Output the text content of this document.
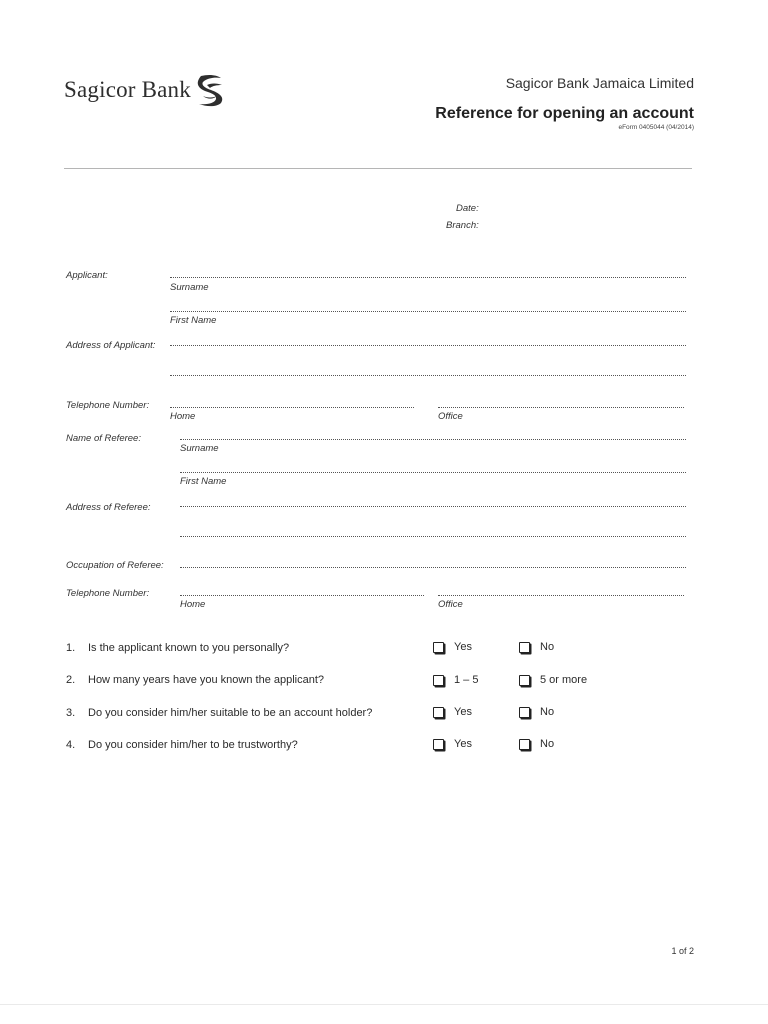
Sagicor Bank	Sagicor Bank Jamaica Limited
Reference for opening an account
eForm 0405044 (04/2014)
Date:
Branch:
Applicant:
Surname
First Name
Address of Applicant:
Telephone Number:
Home	Office
Name of Referee:
Surname
First Name
Address of Referee:
Occupation of Referee:
Telephone Number:
Home	Office
1. Is the applicant known to you personally?	Yes	No
2. How many years have you known the applicant?	1 – 5	5 or more
3. Do you consider him/her suitable to be an account holder?	Yes	No
4. Do you consider him/her to be trustworthy?	Yes	No
1 of 2
